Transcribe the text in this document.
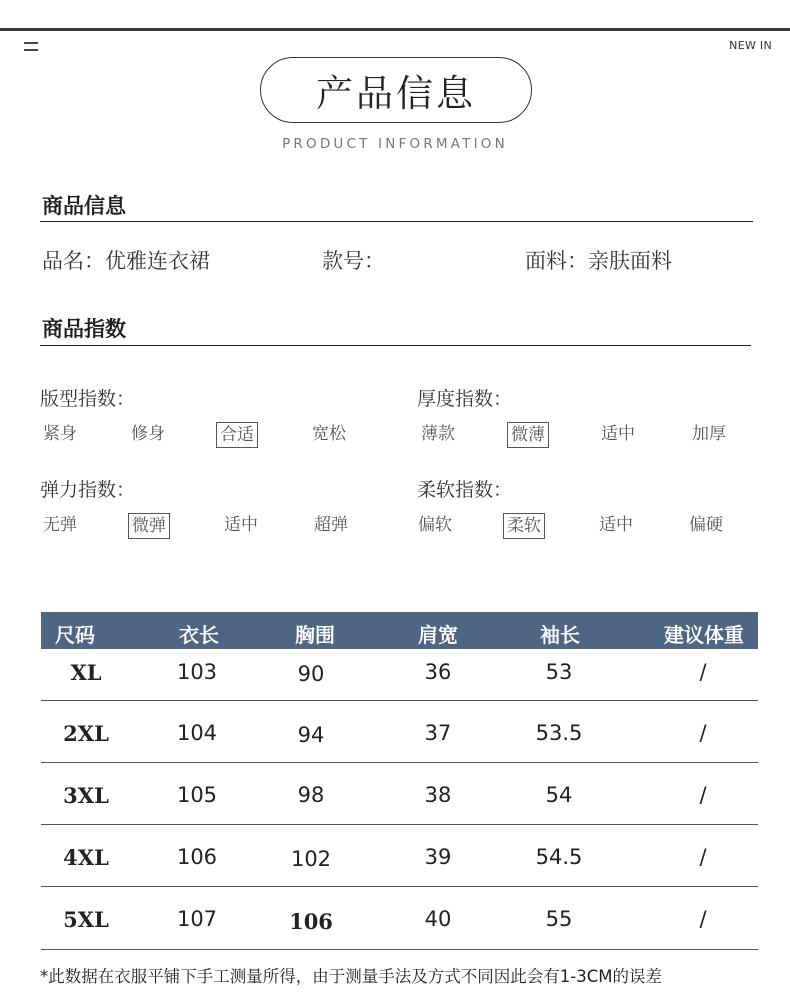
NEW IN
产品信息
PRODUCT INFORMATION
商品信息
品名：优雅连衣裙	款号：	面料：亲肤面料
商品指数
版型指数：
紧身	修身	合适	宽松
厚度指数：
薄款	微薄	适中	加厚
弹力指数：
无弹	微弹	适中	超弹
柔软指数：
偏软	柔软	适中	偏硬
尺码	衣长	胸围	肩宽	袖长	建议体重
XL	103	90	36	53	/
2XL	104	94	37	53.5	/
3XL	105	98	38	54	/
4XL	106	102	39	54.5	/
5XL	107	106	40	55	/
*此数据在衣服平铺下手工测量所得，由于测量手法及方式不同因此会有1-3CM的误差
